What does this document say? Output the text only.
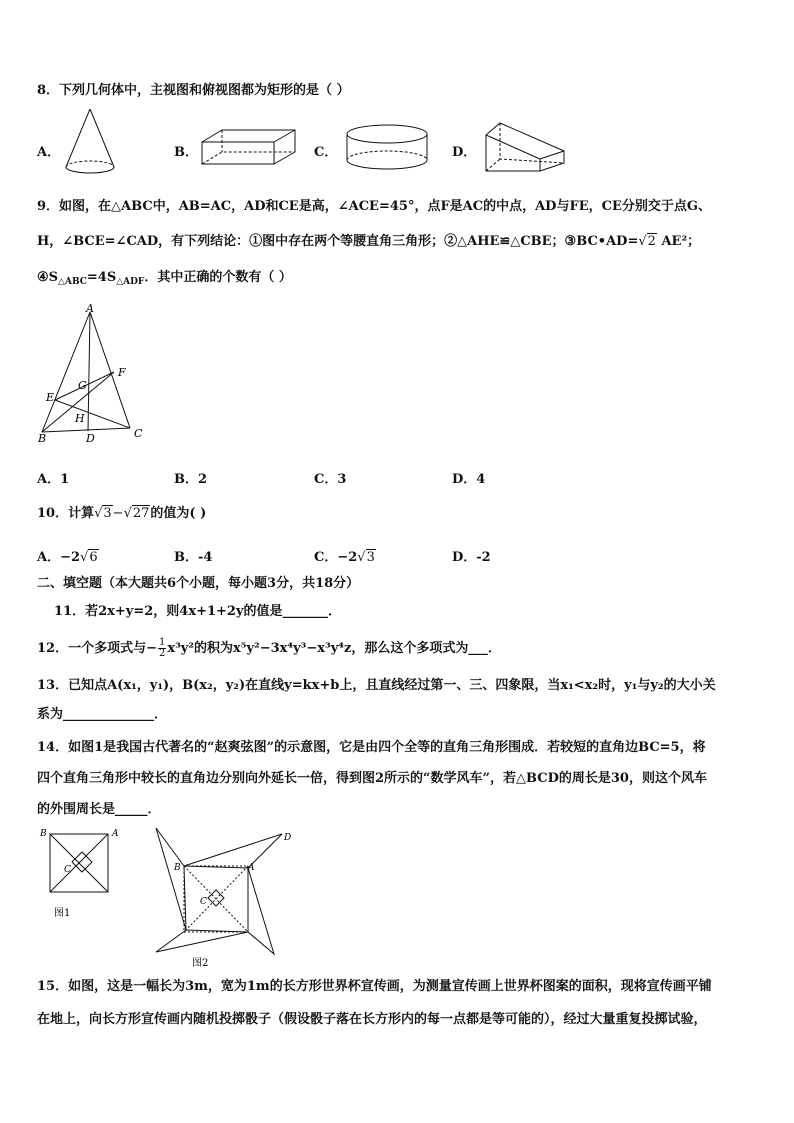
8．下列几何体中，主视图和俯视图都为矩形的是（ ）
A．	B．	C．	D．
9．如图，在△ABC中，AB=AC，AD和CE是高，∠ACE=45°，点F是AC的中点，AD与FE，CE分别交于点G、
H，∠BCE=∠CAD，有下列结论：①图中存在两个等腰直角三角形；②△AHE≌△CBE；③BC•AD=√2 AE²；
$④S_{\triangle ABC}=4S_{\triangle ADF}$．其中正确的个数有（ ）
A
F
G
E
H
B	D	C
A．1	B．2	C．3	D．4
10．计算√3−√27的值为( )
A．−2√6	B．-4	C．−2√3	D．-2
二、填空题（本大题共6个小题，每小题3分，共18分）
11．若2x+y=2，则4x+1+2y的值是_______．
12．一个多项式与− $\frac{1}{2} x^3y^2$的积为x⁵y²−3x⁴y³−x³y⁴z，那么这个多项式为___．
13．已知点A(x₁，y₁)，B(x₂，y₂)在直线y=kx+b上，且直线经过第一、三、四象限，当x₁<x₂时，y₁与y₂的大小关
系为______________．
14．如图1是我国古代著名的“赵爽弦图”的示意图，它是由四个全等的直角三角形围成．若较短的直角边BC=5，将
四个直角三角形中较长的直角边分别向外延长一倍，得到图2所示的“数学风车”，若△BCD的周长是30，则这个风车
的外围周长是_____．
B	A
C
图1
D
B	A
C
图2
15．如图，这是一幅长为3m，宽为1m的长方形世界杯宣传画，为测量宣传画上世界杯图案的面积，现将宣传画平铺
在地上，向长方形宣传画内随机投掷骰子（假设骰子落在长方形内的每一点都是等可能的），经过大量重复投掷试验，
